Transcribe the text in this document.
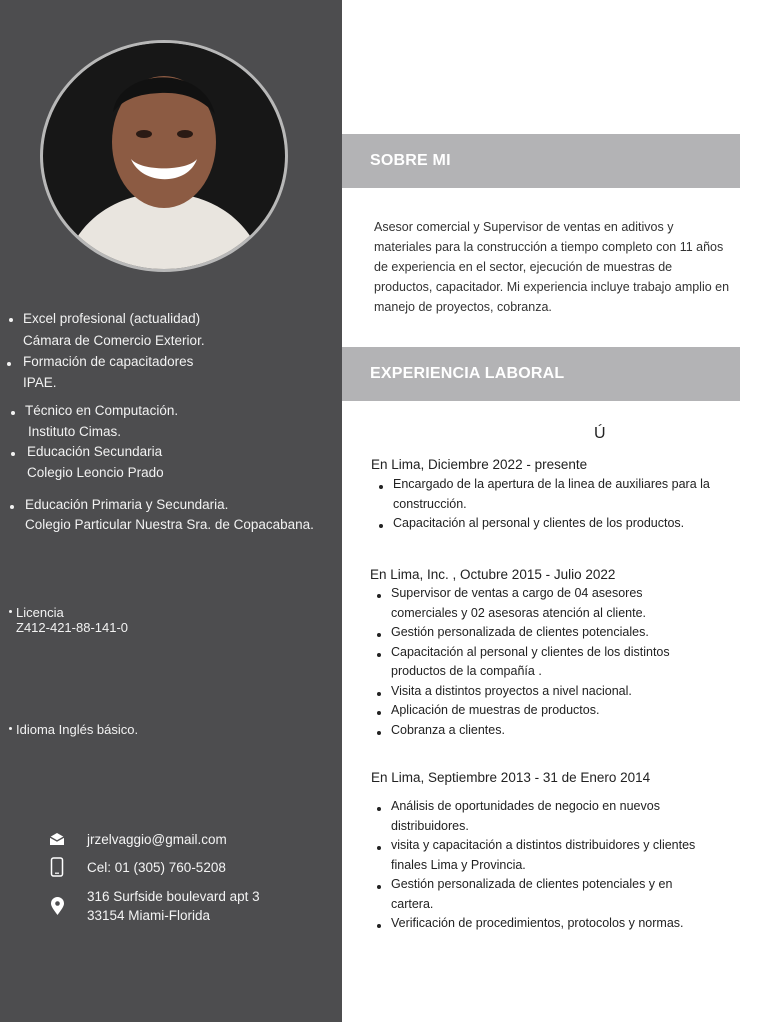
Excel profesional (actualidad)
Cámara de Comercio Exterior.
Formación de capacitadores
IPAE.
Técnico en Computación.
Instituto Cimas.
Educación Secundaria
Colegio Leoncio Prado
Educación Primaria y Secundaria.
Colegio Particular Nuestra Sra. de Copacabana.
Licencia
Z412-421-88-141-0
Idioma Inglés básico.
jrzelvaggio@gmail.com
Cel: 01 (305) 760-5208
316 Surfside boulevard apt 3
33154 Miami-Florida
SOBRE MI
Asesor comercial y Supervisor de ventas en aditivos y materiales para la construcción a tiempo completo con 11 años de experiencia en el sector, ejecución de muestras de productos, capacitador. Mi experiencia incluye trabajo amplio en manejo de proyectos, cobranza.
EXPERIENCIA LABORAL
Ú
En Lima, Diciembre 2022 - presente
Encargado de la apertura de la linea de auxiliares para la construcción.
Capacitación al personal y clientes de los productos.
En Lima, Inc. , Octubre 2015 - Julio 2022
Supervisor de ventas a cargo de 04 asesores comerciales y 02 asesoras atención al cliente.
Gestión personalizada de clientes potenciales.
Capacitación al personal y clientes de los distintos productos de la compañía .
Visita a distintos proyectos a nivel nacional.
Aplicación de muestras de productos.
Cobranza a clientes.
En Lima, Septiembre 2013 - 31 de Enero 2014
Análisis de oportunidades de negocio en nuevos distribuidores.
visita y capacitación a distintos distribuidores y clientes finales Lima y Provincia.
Gestión personalizada de clientes potenciales y en cartera.
Verificación de procedimientos, protocolos y normas.
